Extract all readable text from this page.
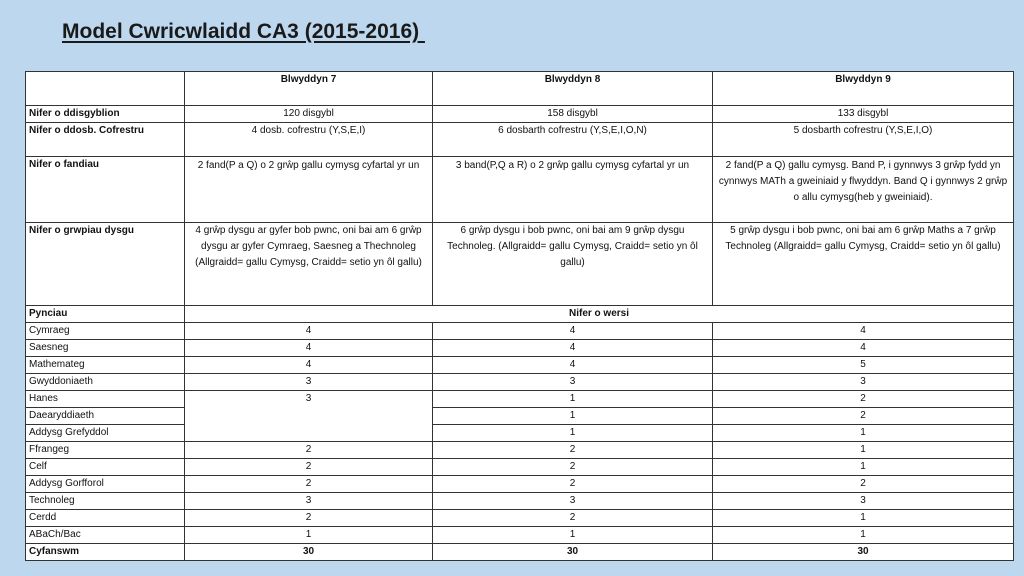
Model Cwricwlaidd CA3 (2015-2016)
	Blwyddyn 7	Blwyddyn 8	Blwyddyn 9
Nifer o ddisgyblion	120 disgybl	158 disgybl	133 disgybl
Nifer o ddosb. Cofrestru	4 dosb. cofrestru (Y,S,E,I)	6 dosbarth cofrestru (Y,S,E,I,O,N)	5 dosbarth cofrestru (Y,S,E,I,O)
Nifer o fandiau	2 fand(P a Q) o 2 grŵp gallu cymysg cyfartal yr un	3 band(P,Q a R) o 2 grŵp gallu cymysg cyfartal yr un	2 fand(P a Q) gallu cymysg. Band P, i gynnwys 3 grŵp fydd yn cynnwys MATh a gweiniaid y flwyddyn. Band Q i gynnwys 2 grŵp o allu cymysg(heb y gweiniaid).
Nifer o grwpiau dysgu	4 grŵp dysgu ar gyfer bob pwnc, oni bai am 6 grŵp dysgu ar gyfer Cymraeg, Saesneg a Thechnoleg (Allgraidd= gallu Cymysg, Craidd= setio yn ôl gallu)	6 grŵp dysgu i bob pwnc, oni bai am 9 grŵp dysgu Technoleg. (Allgraidd= gallu Cymysg, Craidd= setio yn ôl gallu)	5 grŵp dysgu i bob pwnc, oni bai am 6 grŵp Maths a 7 grŵp Technoleg (Allgraidd= gallu Cymysg, Craidd= setio yn ôl gallu)
Pynciau	Nifer o wersi		
Cymraeg	4	4	4
Saesneg	4	4	4
Mathemateg	4	4	5
Gwyddoniaeth	3	3	3
Hanes	3	1	2
Daearyddiaeth		1	2
Addysg Grefyddol		1	1
Ffrangeg	2	2	1
Celf	2	2	1
Addysg Gorfforol	2	2	2
Technoleg	3	3	3
Cerdd	2	2	1
ABaCh/Bac	1	1	1
Cyfanswm	30	30	30
